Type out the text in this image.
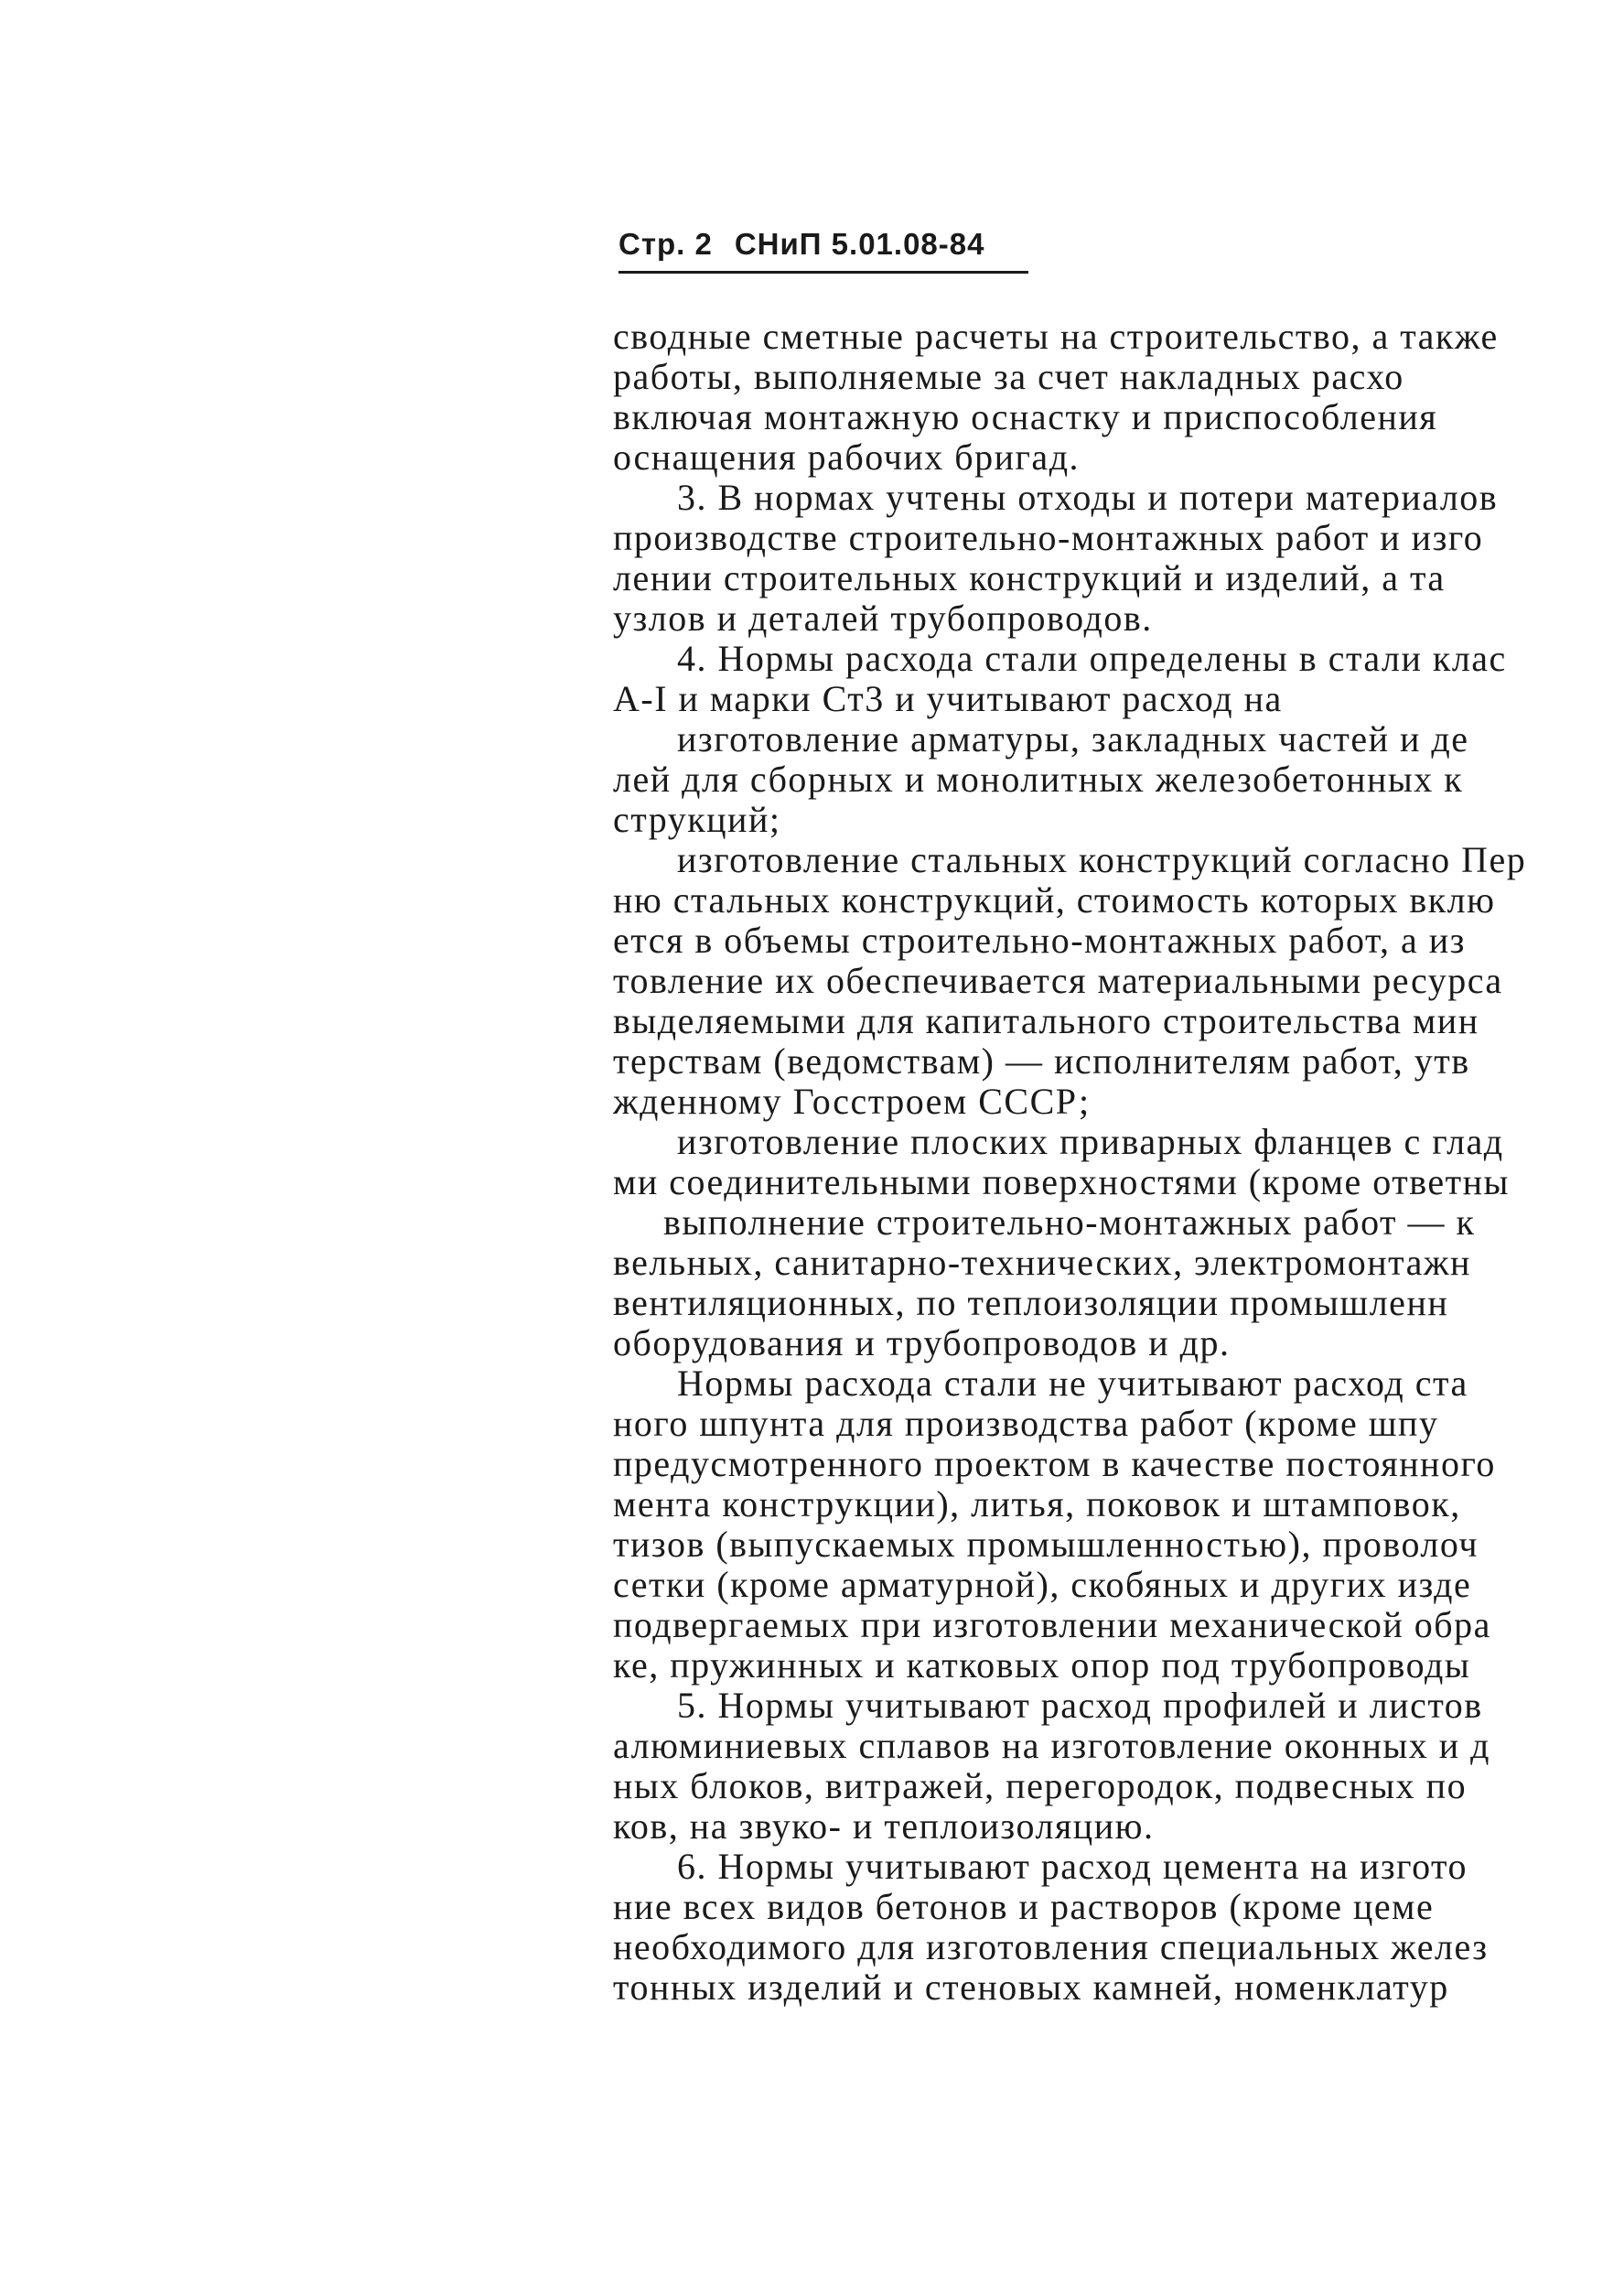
Стр. 2 СНиП 5.01.08-84
сводные сметные расчеты на строительство, а также
работы, выполняемые за счет накладных расхо
включая монтажную оснастку и приспособления
оснащения рабочих бригад.
3. В нормах учтены отходы и потери материалов
производстве строительно-монтажных работ и изго
лении строительных конструкций и изделий, а та
узлов и деталей трубопроводов.
4. Нормы расхода стали определены в стали клас
А-I и марки Ст3 и учитывают расход на
изготовление арматуры, закладных частей и де
лей для сборных и монолитных железобетонных к
струкций;
изготовление стальных конструкций согласно Пер
ню стальных конструкций, стоимость которых вклю
ется в объемы строительно-монтажных работ, а из
товление их обеспечивается материальными ресурса
выделяемыми для капитального строительства мин
терствам (ведомствам) — исполнителям работ, утв
жденному Госстроем СССР;
изготовление плоских приварных фланцев с глад
ми соединительными поверхностями (кроме ответны
выполнение строительно-монтажных работ — к
вельных, санитарно-технических, электромонтажн
вентиляционных, по теплоизоляции промышленн
оборудования и трубопроводов и др.
Нормы расхода стали не учитывают расход ста
ного шпунта для производства работ (кроме шпу
предусмотренного проектом в качестве постоянного
мента конструкции), литья, поковок и штамповок,
тизов (выпускаемых промышленностью), проволоч
сетки (кроме арматурной), скобяных и других изде
подвергаемых при изготовлении механической обра
ке, пружинных и катковых опор под трубопроводы
5. Нормы учитывают расход профилей и листов
алюминиевых сплавов на изготовление оконных и д
ных блоков, витражей, перегородок, подвесных по
ков, на звуко- и теплоизоляцию.
6. Нормы учитывают расход цемента на изгото
ние всех видов бетонов и растворов (кроме цеме
необходимого для изготовления специальных желез
тонных изделий и стеновых камней, номенклатур
